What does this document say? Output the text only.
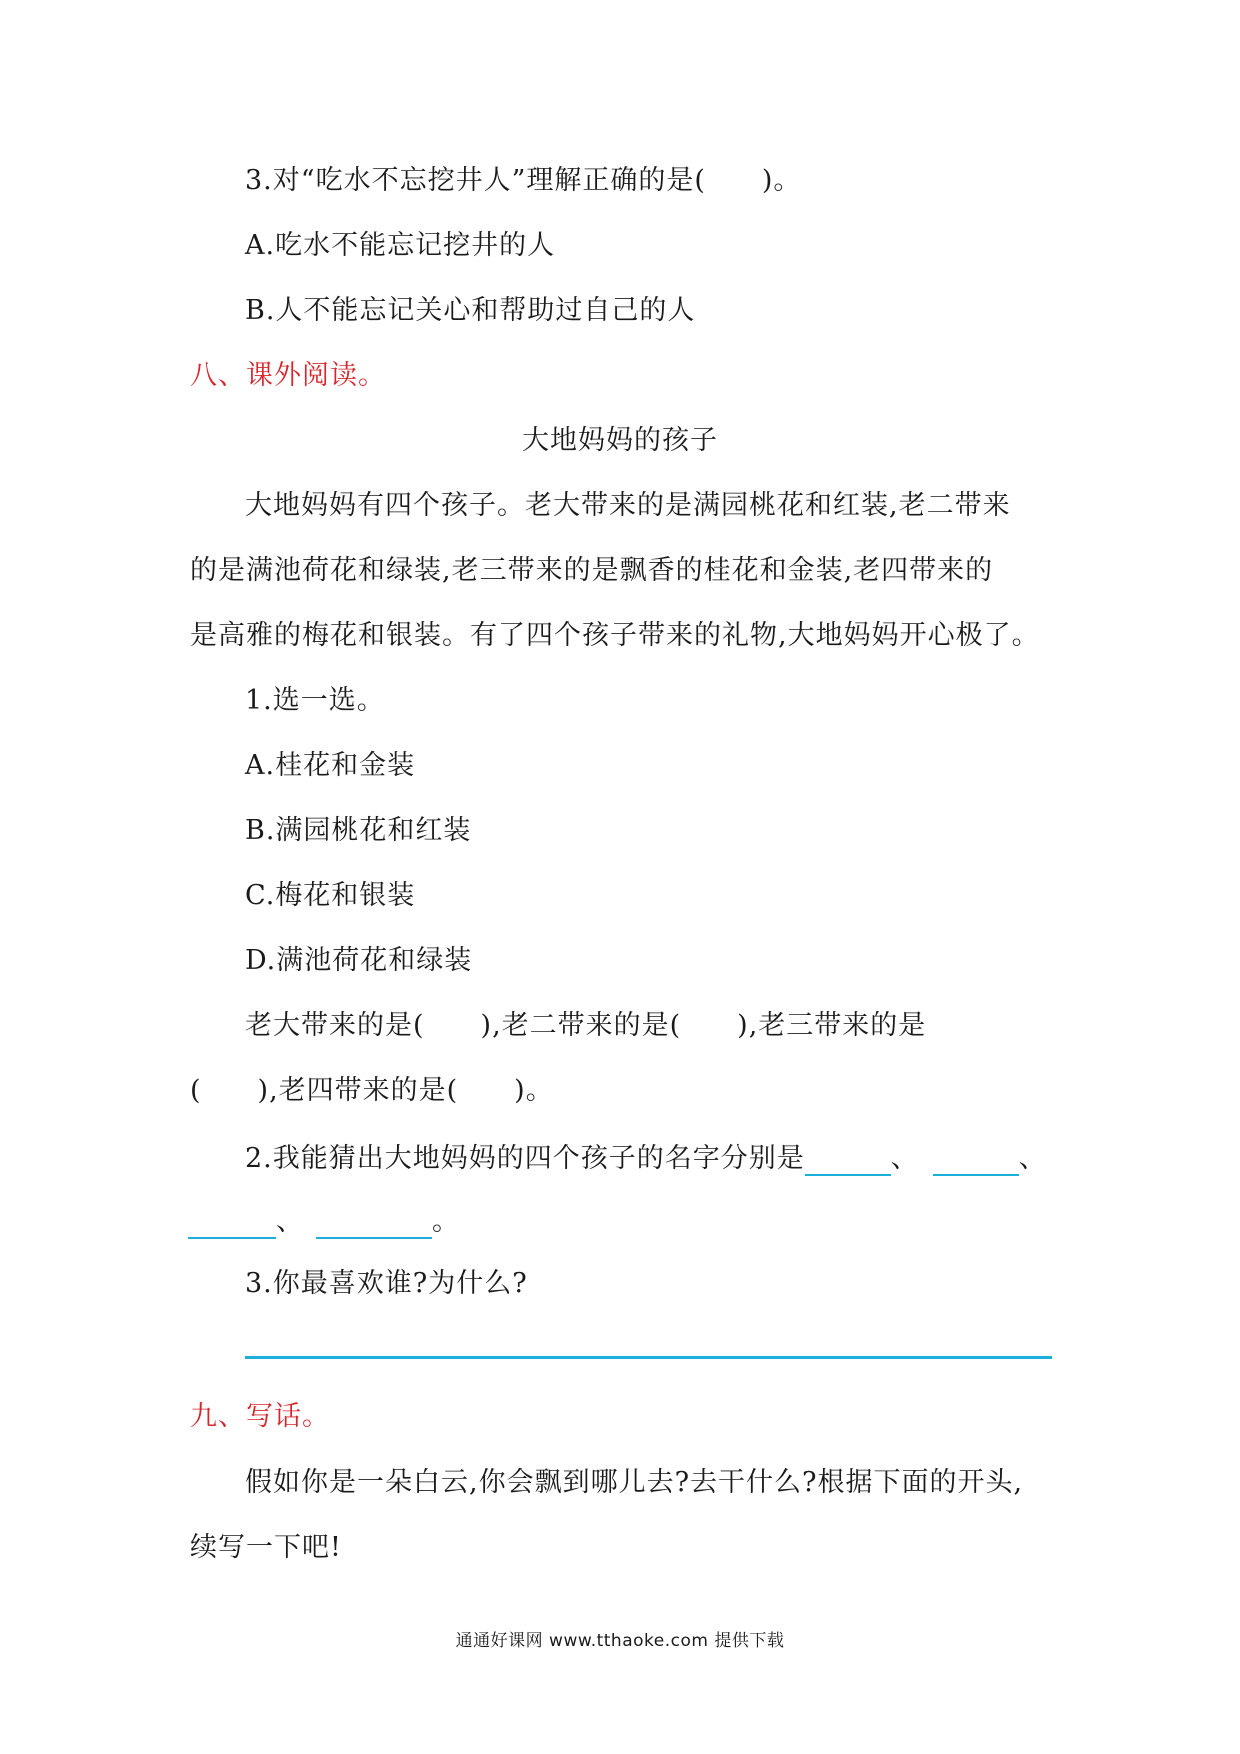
3.对“吃水不忘挖井人”理解正确的是(　　)。
A.吃水不能忘记挖井的人
B.人不能忘记关心和帮助过自己的人
八、课外阅读。
大地妈妈的孩子
大地妈妈有四个孩子。老大带来的是满园桃花和红装,老二带来
的是满池荷花和绿装,老三带来的是飘香的桂花和金装,老四带来的
是高雅的梅花和银装。有了四个孩子带来的礼物,大地妈妈开心极了。
1.选一选。
A.桂花和金装
B.满园桃花和红装
C.梅花和银装
D.满池荷花和绿装
老大带来的是(　　),老二带来的是(　　),老三带来的是
(　　),老四带来的是(　　)。
2.我能猜出大地妈妈的四个孩子的名字分别是	、	、
、	。
3.你最喜欢谁?为什么?
九、写话。
假如你是一朵白云,你会飘到哪儿去?去干什么?根据下面的开头,
续写一下吧!
通通好课网 www.tthaoke.com 提供下载
